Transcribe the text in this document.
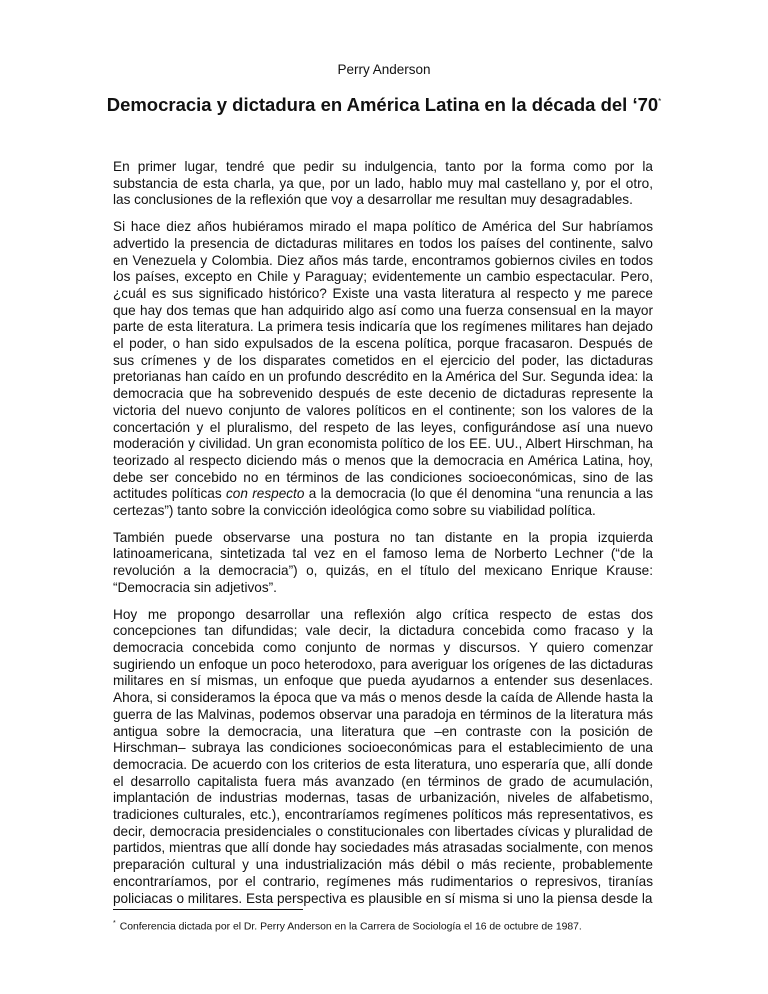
Perry Anderson
Democracia y dictadura en América Latina en la década del ‘70*

En primer lugar, tendré que pedir su indulgencia, tanto por la forma como por la substancia de esta charla, ya que, por un lado, hablo muy mal castellano y, por el otro, las conclusiones de la reflexión que voy a desarrollar me resultan muy desagradables.

Si hace diez años hubiéramos mirado el mapa político de América del Sur habríamos advertido la presencia de dictaduras militares en todos los países del continente, salvo en Venezuela y Colombia. Diez años más tarde, encontramos gobiernos civiles en todos los países, excepto en Chile y Paraguay; evidentemente un cambio espectacular. Pero, ¿cuál es sus significado histórico? Existe una vasta literatura al respecto y me parece que hay dos temas que han adquirido algo así como una fuerza consensual en la mayor parte de esta literatura. La primera tesis indicaría que los regímenes militares han dejado el poder, o han sido expulsados de la escena política, porque fracasaron. Después de sus crímenes y de los disparates cometidos en el ejercicio del poder, las dictaduras pretorianas han caído en un profundo descrédito en la América del Sur. Segunda idea: la democracia que ha sobrevenido después de este decenio de dictaduras represente la victoria del nuevo conjunto de valores políticos en el continente; son los valores de la concertación y el pluralismo, del respeto de las leyes, configurándose así una nuevo moderación y civilidad. Un gran economista político de los EE. UU., Albert Hirschman, ha teorizado al respecto diciendo más o menos que la democracia en América Latina, hoy, debe ser concebido no en términos de las condiciones socioeconómicas, sino de las actitudes políticas con respecto a la democracia (lo que él denomina “una renuncia a las certezas”) tanto sobre la convicción ideológica como sobre su viabilidad política.

También puede observarse una postura no tan distante en la propia izquierda latinoamericana, sintetizada tal vez en el famoso lema de Norberto Lechner (“de la revolución a la democracia”) o, quizás, en el título del mexicano Enrique Krause: “Democracia sin adjetivos”.

Hoy me propongo desarrollar una reflexión algo crítica respecto de estas dos concepciones tan difundidas; vale decir, la dictadura concebida como fracaso y la democracia concebida como conjunto de normas y discursos. Y quiero comenzar sugiriendo un enfoque un poco heterodoxo, para averiguar los orígenes de las dictaduras militares en sí mismas, un enfoque que pueda ayudarnos a entender sus desenlaces. Ahora, si consideramos la época que va más o menos desde la caída de Allende hasta la guerra de las Malvinas, podemos observar una paradoja en términos de la literatura más antigua sobre la democracia, una literatura que –en contraste con la posición de Hirschman– subraya las condiciones socioeconómicas para el establecimiento de una democracia. De acuerdo con los criterios de esta literatura, uno esperaría que, allí donde el desarrollo capitalista fuera más avanzado (en términos de grado de acumulación, implantación de industrias modernas, tasas de urbanización, niveles de alfabetismo, tradiciones culturales, etc.), encontraríamos regímenes políticos más representativos, es decir, democracia presidenciales o constitucionales con libertades cívicas y pluralidad de partidos, mientras que allí donde hay sociedades más atrasadas socialmente, con menos preparación cultural y una industrialización más débil o más reciente, probablemente encontraríamos, por el contrario, regímenes más rudimentarios o represivos, tiranías policiacas o militares. Esta perspectiva es plausible en sí misma si uno la piensa desde la

* Conferencia dictada por el Dr. Perry Anderson en la Carrera de Sociología el 16 de octubre de 1987.
